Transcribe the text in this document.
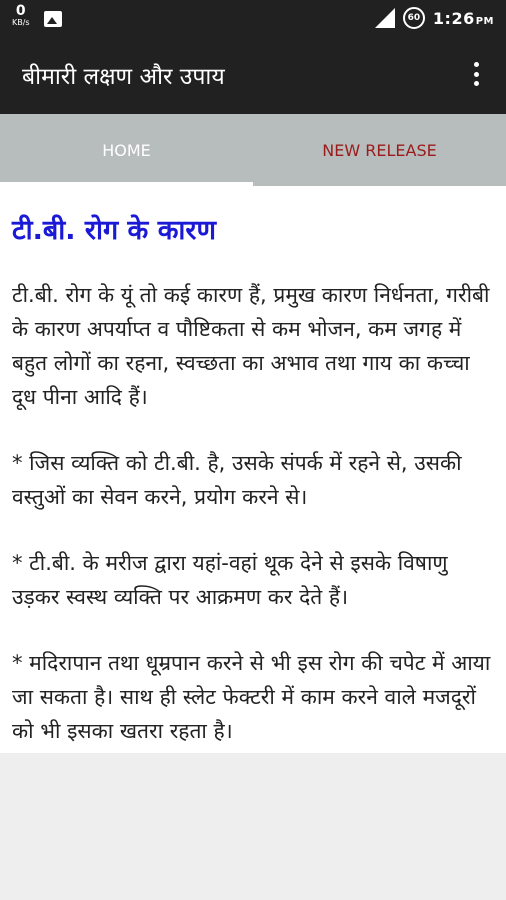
0
KB/s	60 1:26PM
बीमारी लक्षण और उपाय
HOME	NEW RELEASE
टी.बी. रोग के कारण

टी.बी. रोग के यूं तो कई कारण हैं, प्रमुख कारण निर्धनता, गरीबी के कारण अपर्याप्त व पौष्टिकता से कम भोजन, कम जगह में बहुत लोगों का रहना, स्वच्छता का अभाव तथा गाय का कच्चा दूध पीना आदि हैं।

* जिस व्यक्ति को टी.बी. है, उसके संपर्क में रहने से, उसकी वस्तुओं का सेवन करने, प्रयोग करने से।

* टी.बी. के मरीज द्वारा यहां-वहां थूक देने से इसके विषाणु उड़कर स्वस्थ व्यक्ति पर आक्रमण कर देते हैं।

* मदिरापान तथा धूम्रपान करने से भी इस रोग की चपेट में आया जा सकता है। साथ ही स्लेट फेक्टरी में काम करने वाले मजदूरों को भी इसका खतरा रहता है।
